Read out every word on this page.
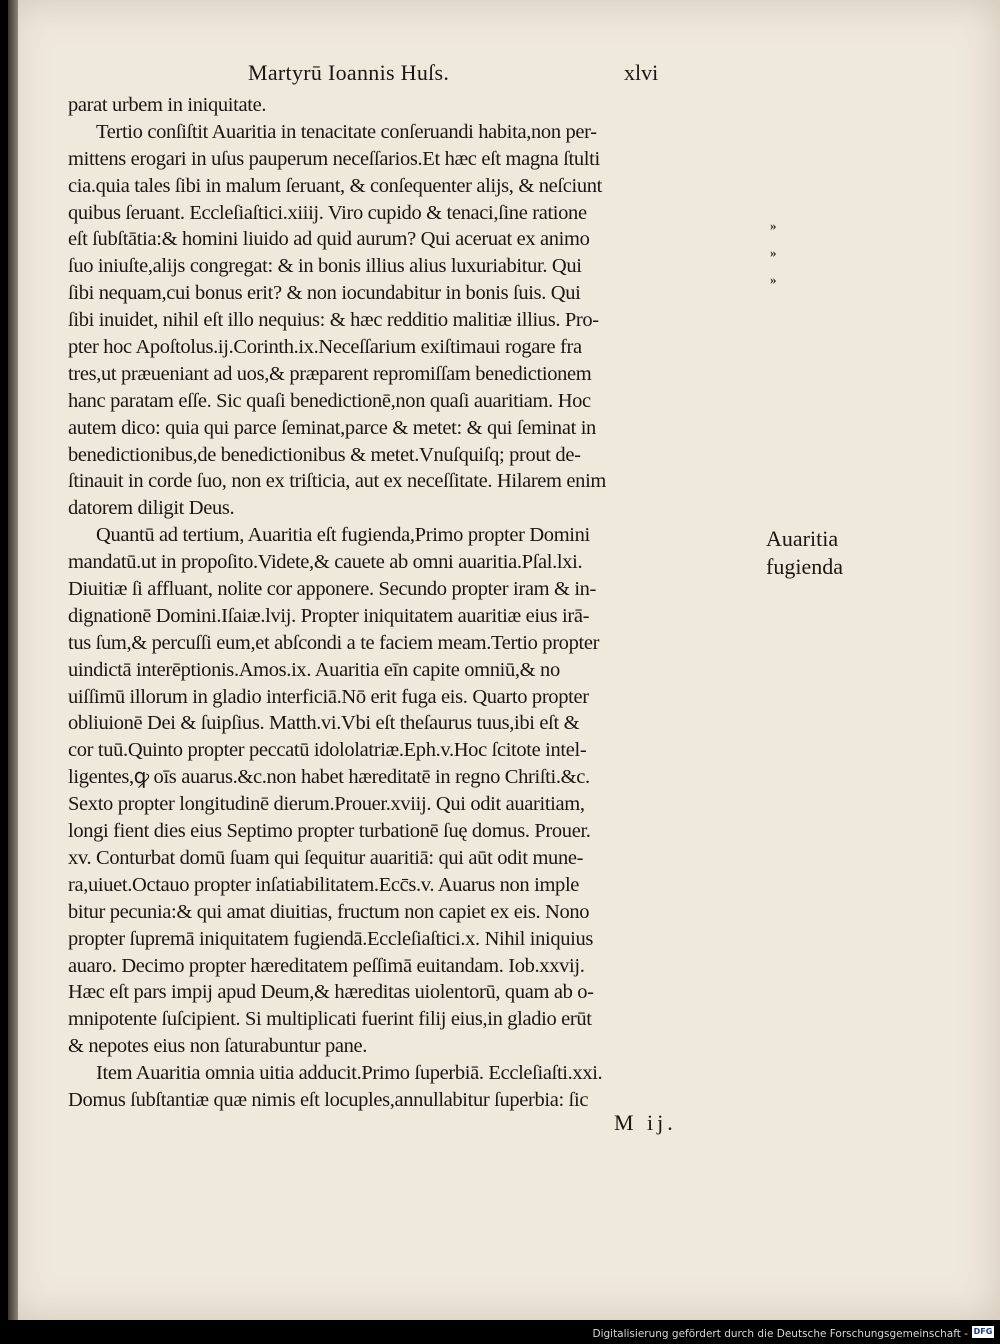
Martyrū Ioannis Huſs.	xlvi
parat urbem in iniquitate.
Tertio conſiſtit Auaritia in tenacitate conſeruandi habita,non per-
mittens erogari in uſus pauperum neceſſarios.Et hæc eſt magna ſtulti
cia.quia tales ſibi in malum ſeruant, & conſequenter alijs, & neſciunt
quibus ſeruant. Eccleſiaſtici.xiiij. Viro cupido & tenaci,ſine ratione
eſt ſubſtātia:& homini liuido ad quid aurum? Qui aceruat ex animo
ſuo iniuſte,alijs congregat: & in bonis illius alius luxuriabitur. Qui
ſibi nequam,cui bonus erit? & non iocundabitur in bonis ſuis. Qui
ſibi inuidet, nihil eſt illo nequius: & hæc redditio malitiæ illius. Pro-
pter hoc Apoſtolus.ij.Corinth.ix.Neceſſarium exiſtimaui rogare fra
tres,ut præueniant ad uos,& præparent repromiſſam benedictionem
hanc paratam eſſe. Sic quaſi benedictionē,non quaſi auaritiam. Hoc
autem dico: quia qui parce ſeminat,parce & metet: & qui ſeminat in
benedictionibus,de benedictionibus & metet.Vnuſquiſq; prout de-
ſtinauit in corde ſuo, non ex triſticia, aut ex neceſſitate. Hilarem enim
datorem diligit Deus.
Quantū ad tertium, Auaritia eſt fugienda,Primo propter Domini
mandatū.ut in propoſito.Videte,& cauete ab omni auaritia.Pſal.lxi.
Diuitiæ ſi affluant, nolite cor apponere. Secundo propter iram & in-
dignationē Domini.Iſaiæ.lvij. Propter iniquitatem auaritiæ eius irā-
tus ſum,& percuſſi eum,et abſcondi a te faciem meam.Tertio propter
uindictā interēptionis.Amos.ix. Auaritia eīn capite omniū,& no
uiſſimū illorum in gladio interficiā.Nō erit fuga eis. Quarto propter
obliuionē Dei & ſuipſius. Matth.vi.Vbi eſt theſaurus tuus,ibi eſt &
cor tuū.Quinto propter peccatū idololatriæ.Eph.v.Hoc ſcitote intel-
ligentes,ꝙ oīs auarus.&c.non habet hæreditatē in regno Chriſti.&c.
Sexto propter longitudinē dierum.Prouer.xviij. Qui odit auaritiam,
longi fient dies eius Septimo propter turbationē ſuę domus. Prouer.
xv. Conturbat domū ſuam qui ſequitur auaritiā: qui aūt odit mune-
ra,uiuet.Octauo propter inſatiabilitatem.Ecc̄s.v. Auarus non imple
bitur pecunia:& qui amat diuitias, fructum non capiet ex eis. Nono
propter ſupremā iniquitatem fugiendā.Eccleſiaſtici.x. Nihil iniquius
auaro. Decimo propter hæreditatem peſſimā euitandam. Iob.xxvij.
Hæc eſt pars impij apud Deum,& hæreditas uiolentorū, quam ab o-
mnipotente ſuſcipient. Si multiplicati fuerint filij eius,in gladio erūt
& nepotes eius non ſaturabuntur pane.
Item Auaritia omnia uitia adducit.Primo ſuperbiā. Eccleſiaſti.xxi.
Domus ſubſtantiæ quæ nimis eſt locuples,annullabitur ſuperbia: ſic
»
»
»
Auaritia
fugienda
M ij.
Digitalisierung gefördert durch die Deutsche Forschungsgemeinschaft - DFG
